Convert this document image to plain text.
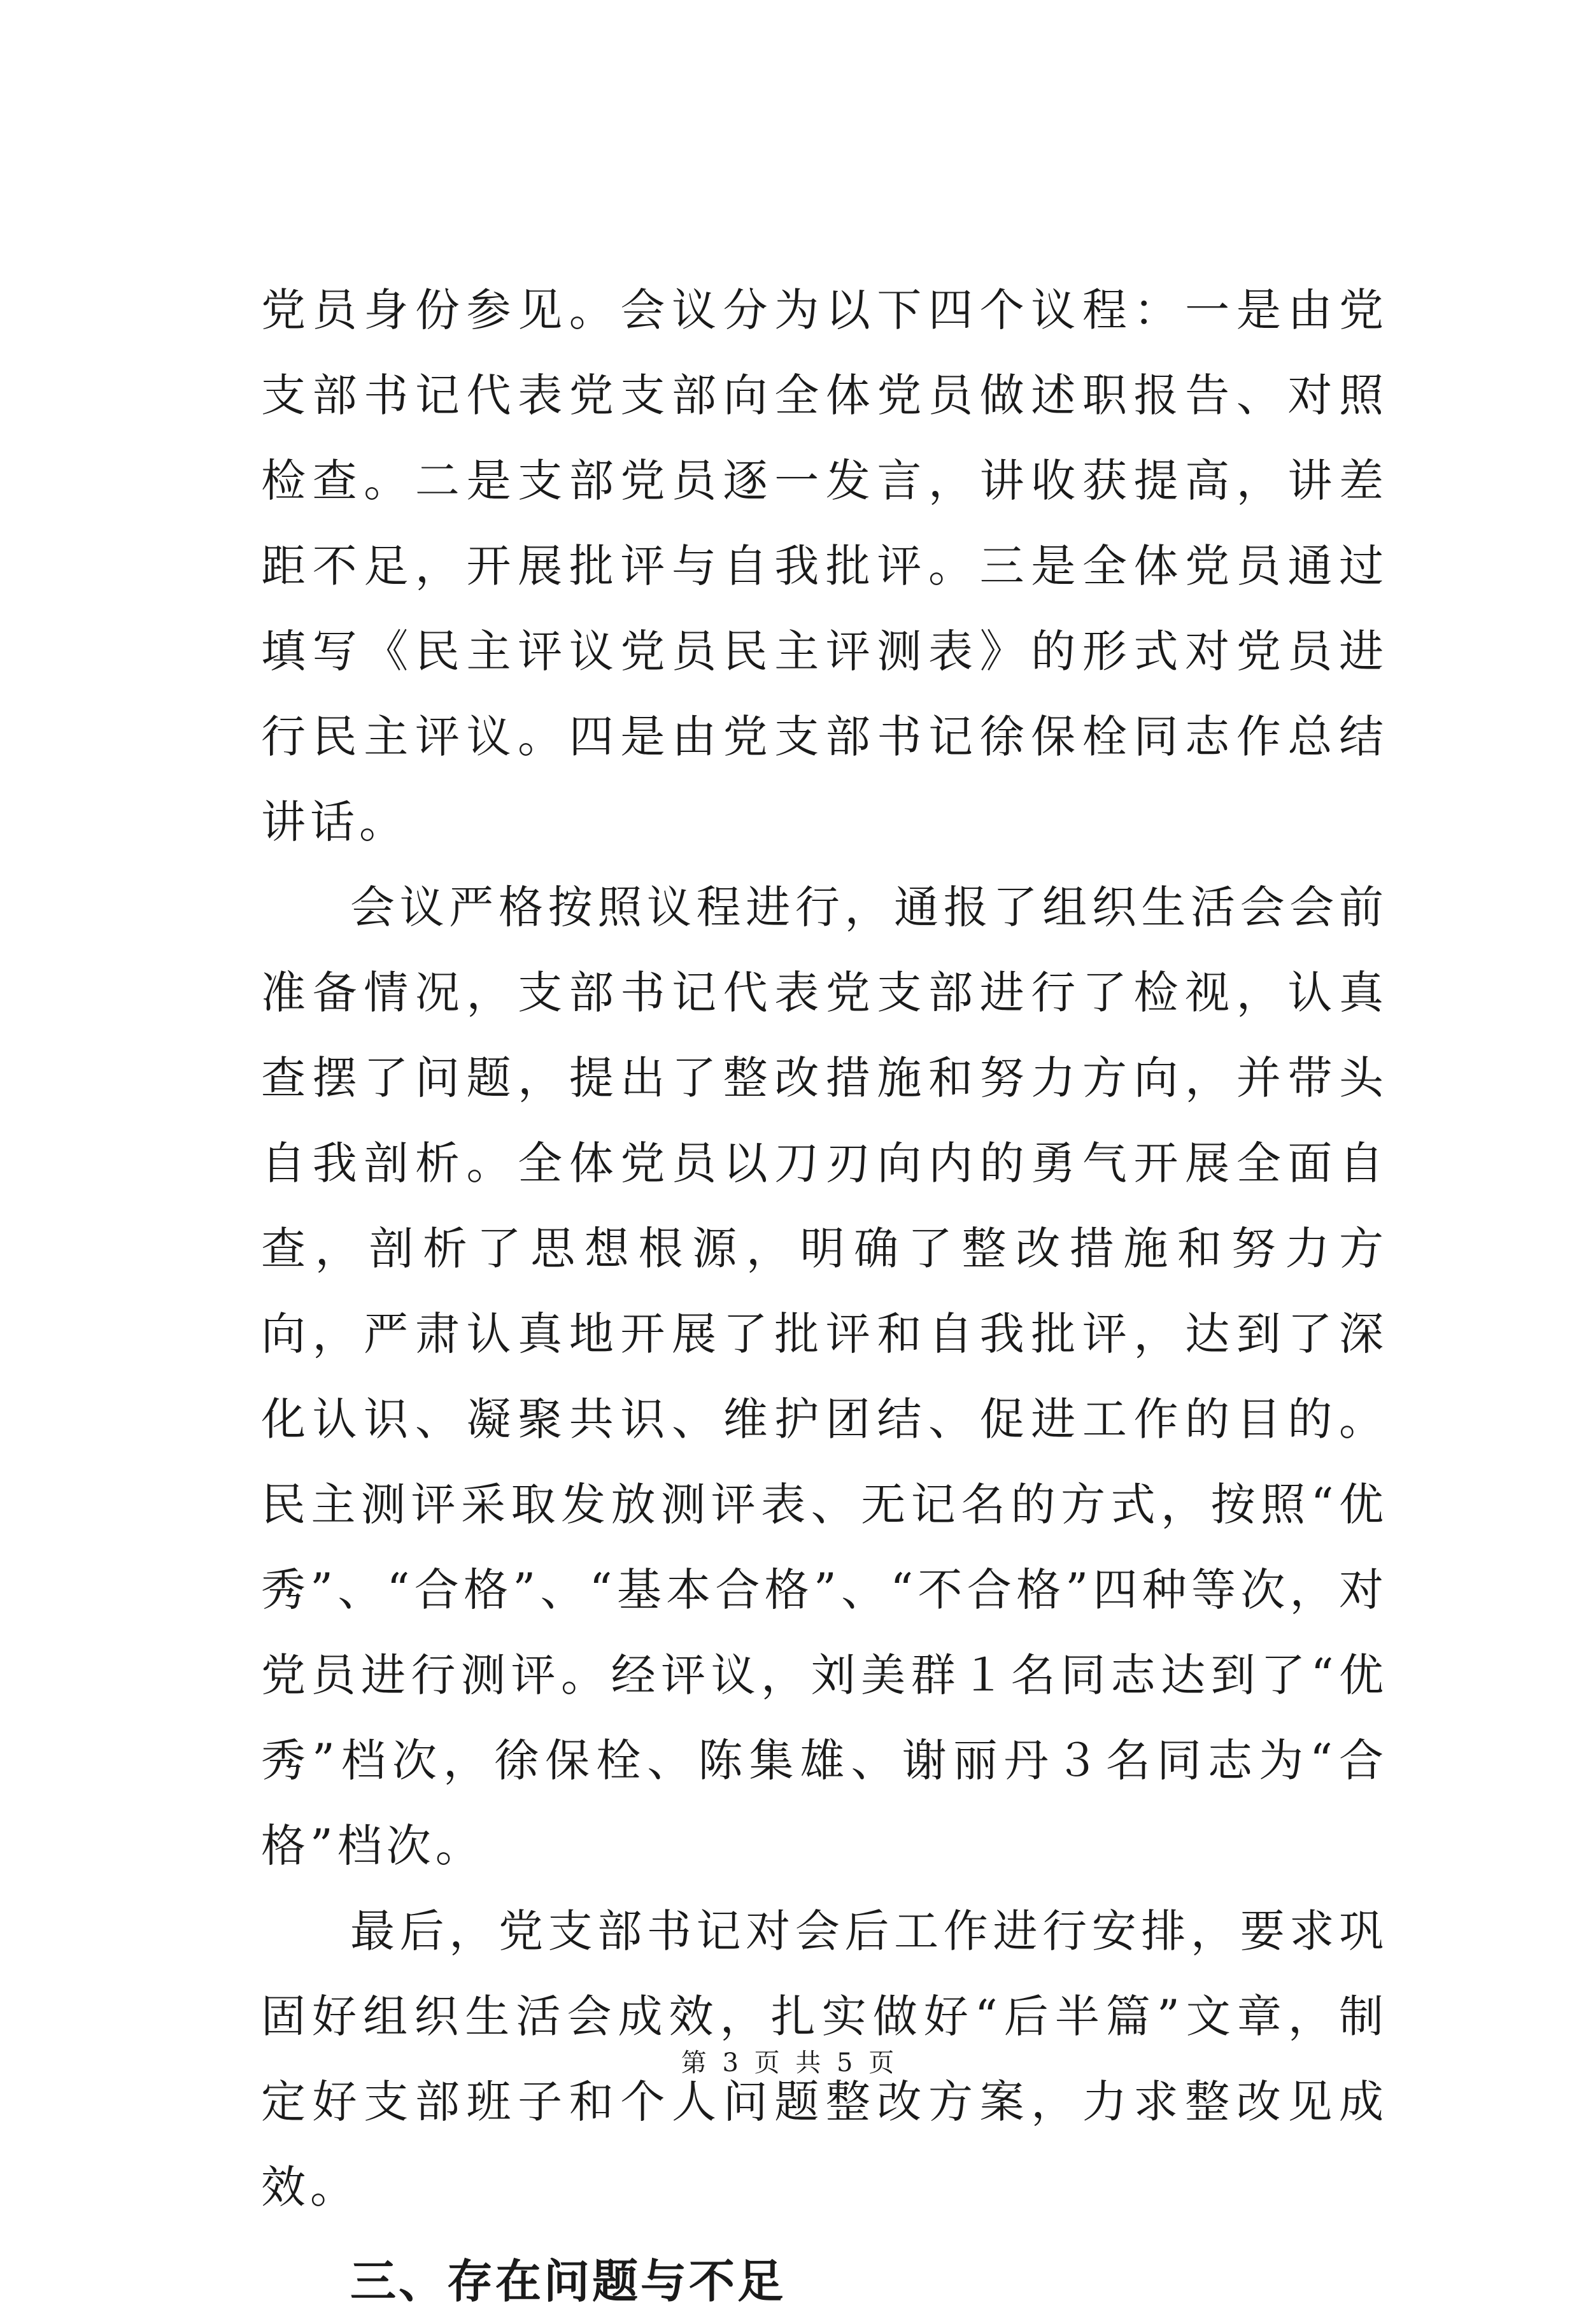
党员身份参见。会议分为以下四个议程：一是由党支部书记代表党支部向全体党员做述职报告、对照检查。二是支部党员逐一发言，讲收获提高，讲差距不足，开展批评与自我批评。三是全体党员通过填写《民主评议党员民主评测表》的形式对党员进行民主评议。四是由党支部书记徐保栓同志作总结讲话。

会议严格按照议程进行，通报了组织生活会会前准备情况，支部书记代表党支部进行了检视，认真查摆了问题，提出了整改措施和努力方向，并带头自我剖析。全体党员以刀刃向内的勇气开展全面自查，剖析了思想根源，明确了整改措施和努力方向，严肃认真地开展了批评和自我批评，达到了深化认识、凝聚共识、维护团结、促进工作的目的。民主测评采取发放测评表、无记名的方式，按照“优秀”、“合格”、“基本合格”、“不合格”四种等次，对党员进行测评。经评议，刘美群１名同志达到了“优秀”档次，徐保栓、陈集雄、谢丽丹３名同志为“合格”档次。

最后，党支部书记对会后工作进行安排，要求巩固好组织生活会成效，扎实做好“后半篇”文章，制定好支部班子和个人问题整改方案，力求整改见成效。

三、存在问题与不足
第 3 页 共 5 页
